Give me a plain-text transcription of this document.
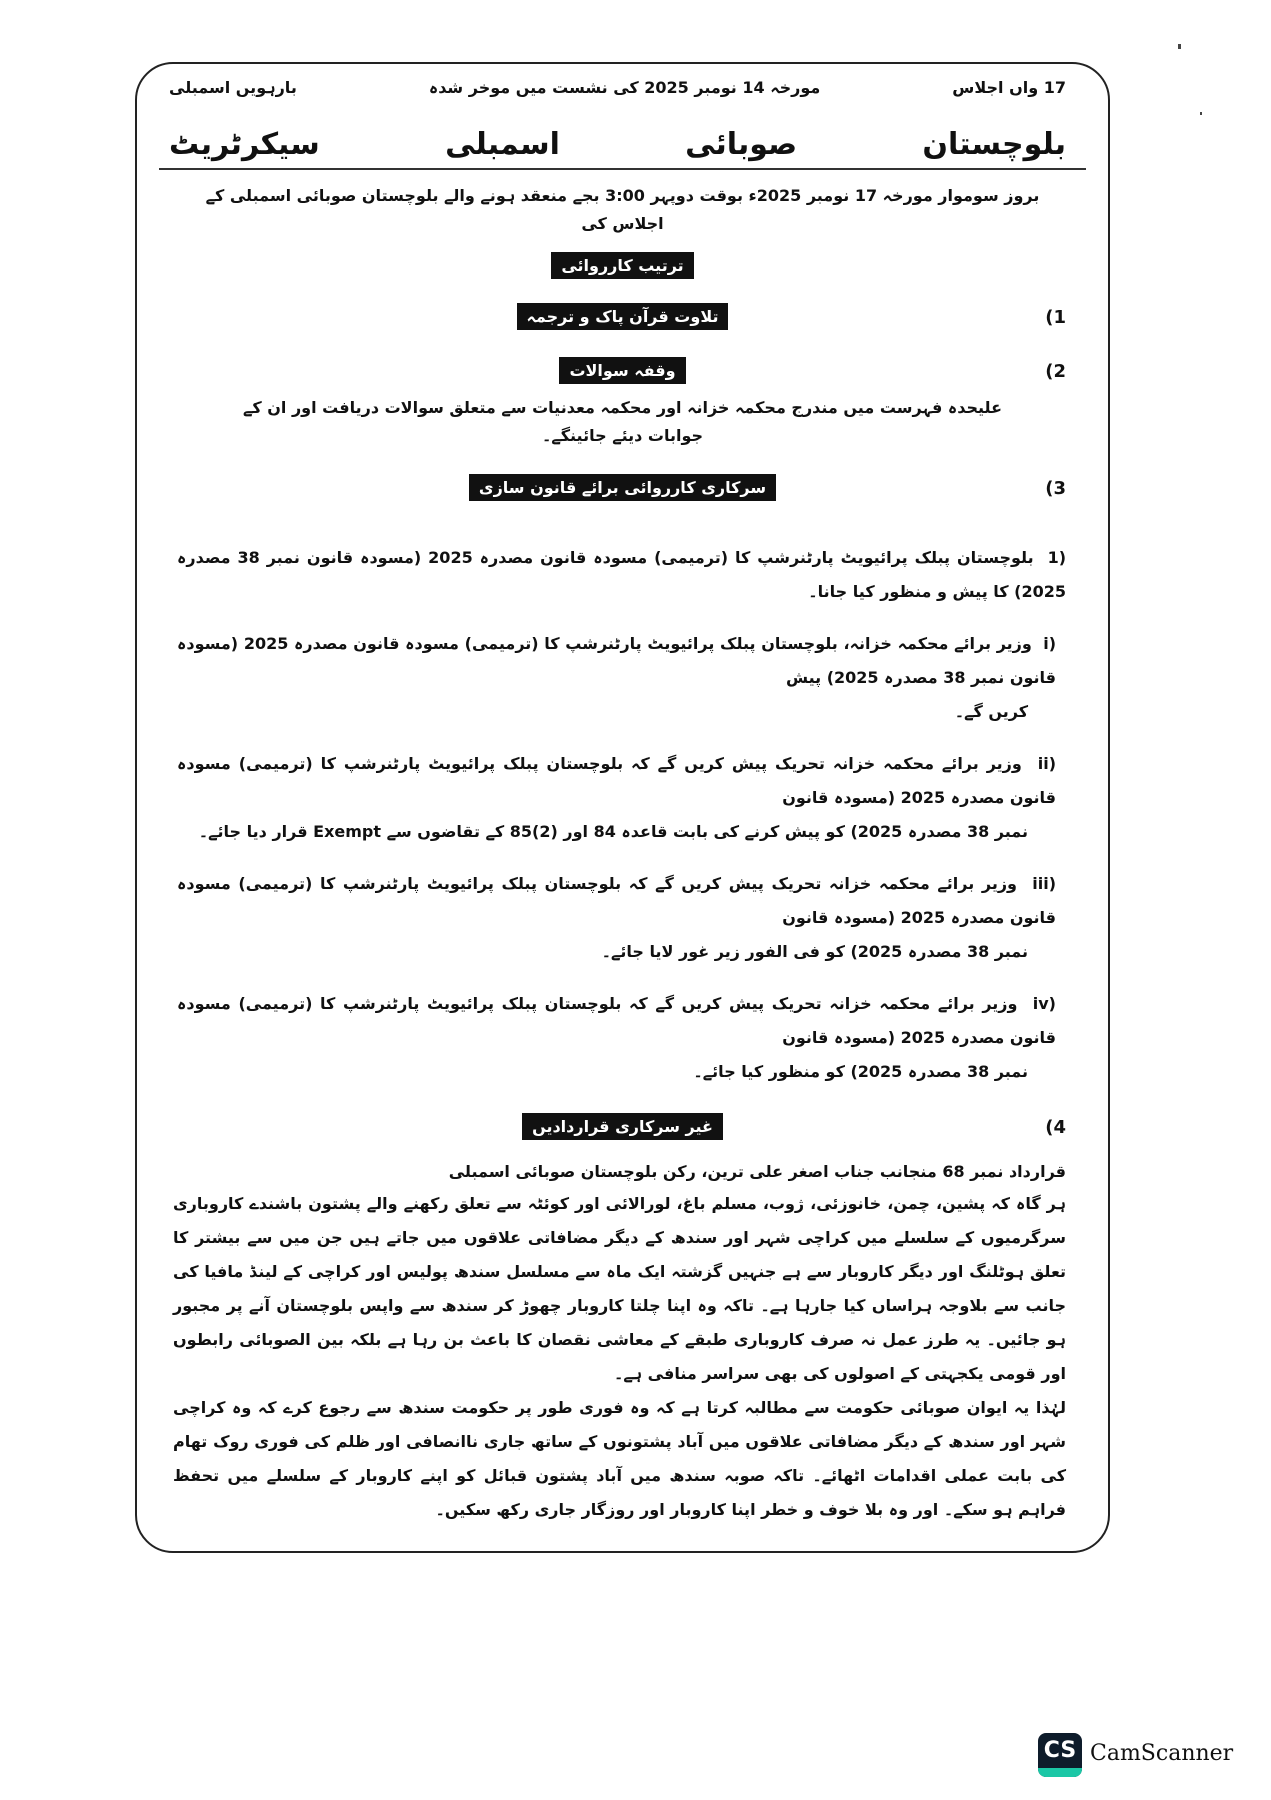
17 واں اجلاس
مورخہ 14 نومبر 2025 کی نشست میں موخر شدہ
بارہویں اسمبلی
بلوچستان
صوبائی
اسمبلی
سیکرٹریٹ
بروز سوموار مورخہ 17 نومبر 2025ء بوقت دوپہر 3:00 بجے منعقد ہونے والے بلوچستان صوبائی اسمبلی کے اجلاس کی
ترتیب کارروائی
(1
تلاوت قرآن پاک و ترجمہ
(2
وقفہ سوالات
علیحدہ فہرست میں مندرج محکمہ خزانہ اور محکمہ معدنیات سے متعلق سوالات دریافت اور ان کے جوابات دیئے جائینگے۔
(3
سرکاری کارروائی برائے قانون سازی
1)  بلوچستان پبلک پرائیویٹ پارٹنرشپ کا (ترمیمی) مسودہ قانون مصدرہ 2025 (مسودہ قانون نمبر 38 مصدرہ 2025) کا پیش و منظور کیا جانا۔
i)  وزیر برائے محکمہ خزانہ، بلوچستان پبلک پرائیویٹ پارٹنرشپ کا (ترمیمی) مسودہ قانون مصدرہ 2025 (مسودہ قانون نمبر 38 مصدرہ 2025) پیش
کریں گے۔
ii)  وزیر برائے محکمہ خزانہ تحریک پیش کریں گے کہ بلوچستان پبلک پرائیویٹ پارٹنرشپ کا (ترمیمی) مسودہ قانون مصدرہ 2025 (مسودہ قانون
نمبر 38 مصدرہ 2025) کو پیش کرنے کی بابت قاعدہ 84 اور (2)85 کے تقاضوں سے Exempt قرار دیا جائے۔
iii)  وزیر برائے محکمہ خزانہ تحریک پیش کریں گے کہ بلوچستان پبلک پرائیویٹ پارٹنرشپ کا (ترمیمی) مسودہ قانون مصدرہ 2025 (مسودہ قانون
نمبر 38 مصدرہ 2025) کو فی الفور زیر غور لایا جائے۔
iv)  وزیر برائے محکمہ خزانہ تحریک پیش کریں گے کہ بلوچستان پبلک پرائیویٹ پارٹنرشپ کا (ترمیمی) مسودہ قانون مصدرہ 2025 (مسودہ قانون
نمبر 38 مصدرہ 2025) کو منظور کیا جائے۔
(4
غیر سرکاری قراردادیں
قرارداد نمبر 68 منجانب جناب اصغر علی ترین، رکن بلوچستان صوبائی اسمبلی
ہر گاہ کہ پشین، چمن، خانوزئی، ژوب، مسلم باغ، لورالائی اور کوئٹہ سے تعلق رکھنے والے پشتون باشندے کاروباری سرگرمیوں کے سلسلے میں کراچی شہر اور سندھ کے دیگر مضافاتی علاقوں میں جاتے ہیں جن میں سے بیشتر کا تعلق ہوٹلنگ اور دیگر کاروبار سے ہے جنہیں گزشتہ ایک ماہ سے مسلسل سندھ پولیس اور کراچی کے لینڈ مافیا کی جانب سے بلاوجہ ہراساں کیا جارہا ہے۔ تاکہ وہ اپنا چلتا کاروبار چھوڑ کر سندھ سے واپس بلوچستان آنے پر مجبور ہو جائیں۔ یہ طرز عمل نہ صرف کاروباری طبقے کے معاشی نقصان کا باعث بن رہا ہے بلکہ بین الصوبائی رابطوں اور قومی یکجہتی کے اصولوں کی بھی سراسر منافی ہے۔
لہٰذا یہ ایوان صوبائی حکومت سے مطالبہ کرتا ہے کہ وہ فوری طور پر حکومت سندھ سے رجوع کرے کہ وہ کراچی شہر اور سندھ کے دیگر مضافاتی علاقوں میں آباد پشتونوں کے ساتھ جاری ناانصافی اور ظلم کی فوری روک تھام کی بابت عملی اقدامات اٹھائے۔ تاکہ صوبہ سندھ میں آباد پشتون قبائل کو اپنے کاروبار کے سلسلے میں تحفظ فراہم ہو سکے۔ اور وہ بلا خوف و خطر اپنا کاروبار اور روزگار جاری رکھ سکیں۔
CS CamScanner
